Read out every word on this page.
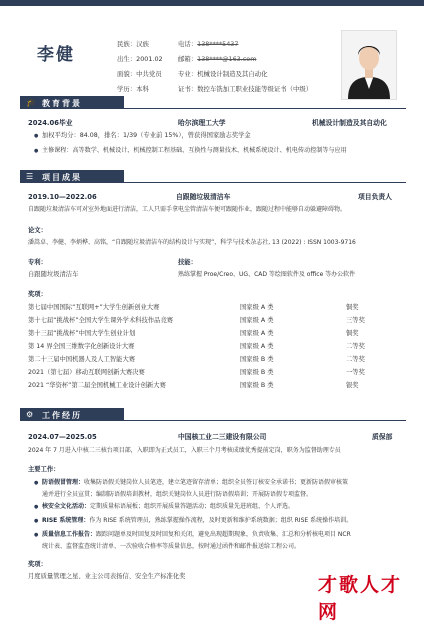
李健
民族：汉族
出生：2001.02
面貌：中共党员
学历：本科
电话：138****5437
邮箱：138****@163.com
专业：机械设计制造及其自动化
证书：数控车铣加工职业技能等级证书（中级）
🎓 教育背景
2024.06毕业	哈尔滨理工大学	机械设计制造及其自动化
● 加权平均分：84.08，排名：1/39（专业前 15%），曾获得国家励志奖学金
● 主修课程：高等数学、机械设计、机械控制工程基础、互换性与测量技术、机械系统设计、机电传动控制等与应用
☰ 项目成果
2019.10—2022.06	自跟随垃圾清洁车	项目负责人
自跟随垃圾清洁车可对室外地面进行清洁，工人只需手拿电尘管清洁车便可跟随作业，跟随过程中能够自动躲避障碍物。
论文：
潘嵩卓、李健、李炳桦、高铭，“自跟随垃圾清洁车的结构设计与实现”，科学与技术杂志社, 13 (2022) : ISSN 1003-9716
专利：
自跟随垃圾清洁车
技能：
熟练掌握 Proe/Creo、UG、CAD 等绘图软件及 office 等办公软件
奖项：
第七届中国国际“互联网+”大学生创新创业大赛	国家级 A 类	铜奖
第十七届“挑战杯”全国大学生课外学术科技作品竞赛	国家级 A 类	三等奖
第十三届“挑战杯”中国大学生创业计划	国家级 A 类	铜奖
第 14 界全国三维数字化创新设计大赛	国家级 A 类	二等奖
第二十三届中国机器人及人工智能大赛	国家级 B 类	二等奖
2021（第七届）移动互联网创新大赛决赛	国家级 B 类	一等奖
2021 “华资杯”第二届全国机械工业设计创新大赛	国家级 B 类	银奖
⚙ 工作经历
2024.07—2025.05	中国核工业二三建设有限公司	质保部
2024 年 7 月进入中核二三核台项目部，入职即为正式员工，入职三个月考核成绩优秀提前定岗，职务为监督助理专员
主要工作：
● 防语假冒管理：收集防语假关键岗位人员笔迹，建立笔迹留存清单；组织全员签订核安全承诺书；更新防语假审核策
通并进行全员宣贯；编制防语假培训教材，组织关键岗位人员进行防语假培训；开展防语假专项监督。
● 核安全文化活动：定期质量标语展板；组织开展质量答题活动；组织质量先进班组、个人评选。
● RISE 系统管理：作为 RISE 系统管理员，熟练掌握操作流程，及时更新和维护系统数据；组织 RISE 系统操作培训。
● 质量信息工作报告：跟踪问题单及时回复及时回复和关闭，避免出现超期现象，负责收集、汇总和分析核电项目 NCR
统计表、监督监查统计清单、一次验收合格率等质量信息，按时通过函件和邮件报送给工程公司。
奖项：
月度质量管理之星、业主公司表扬信、安全生产标准化奖	才歌人才网
